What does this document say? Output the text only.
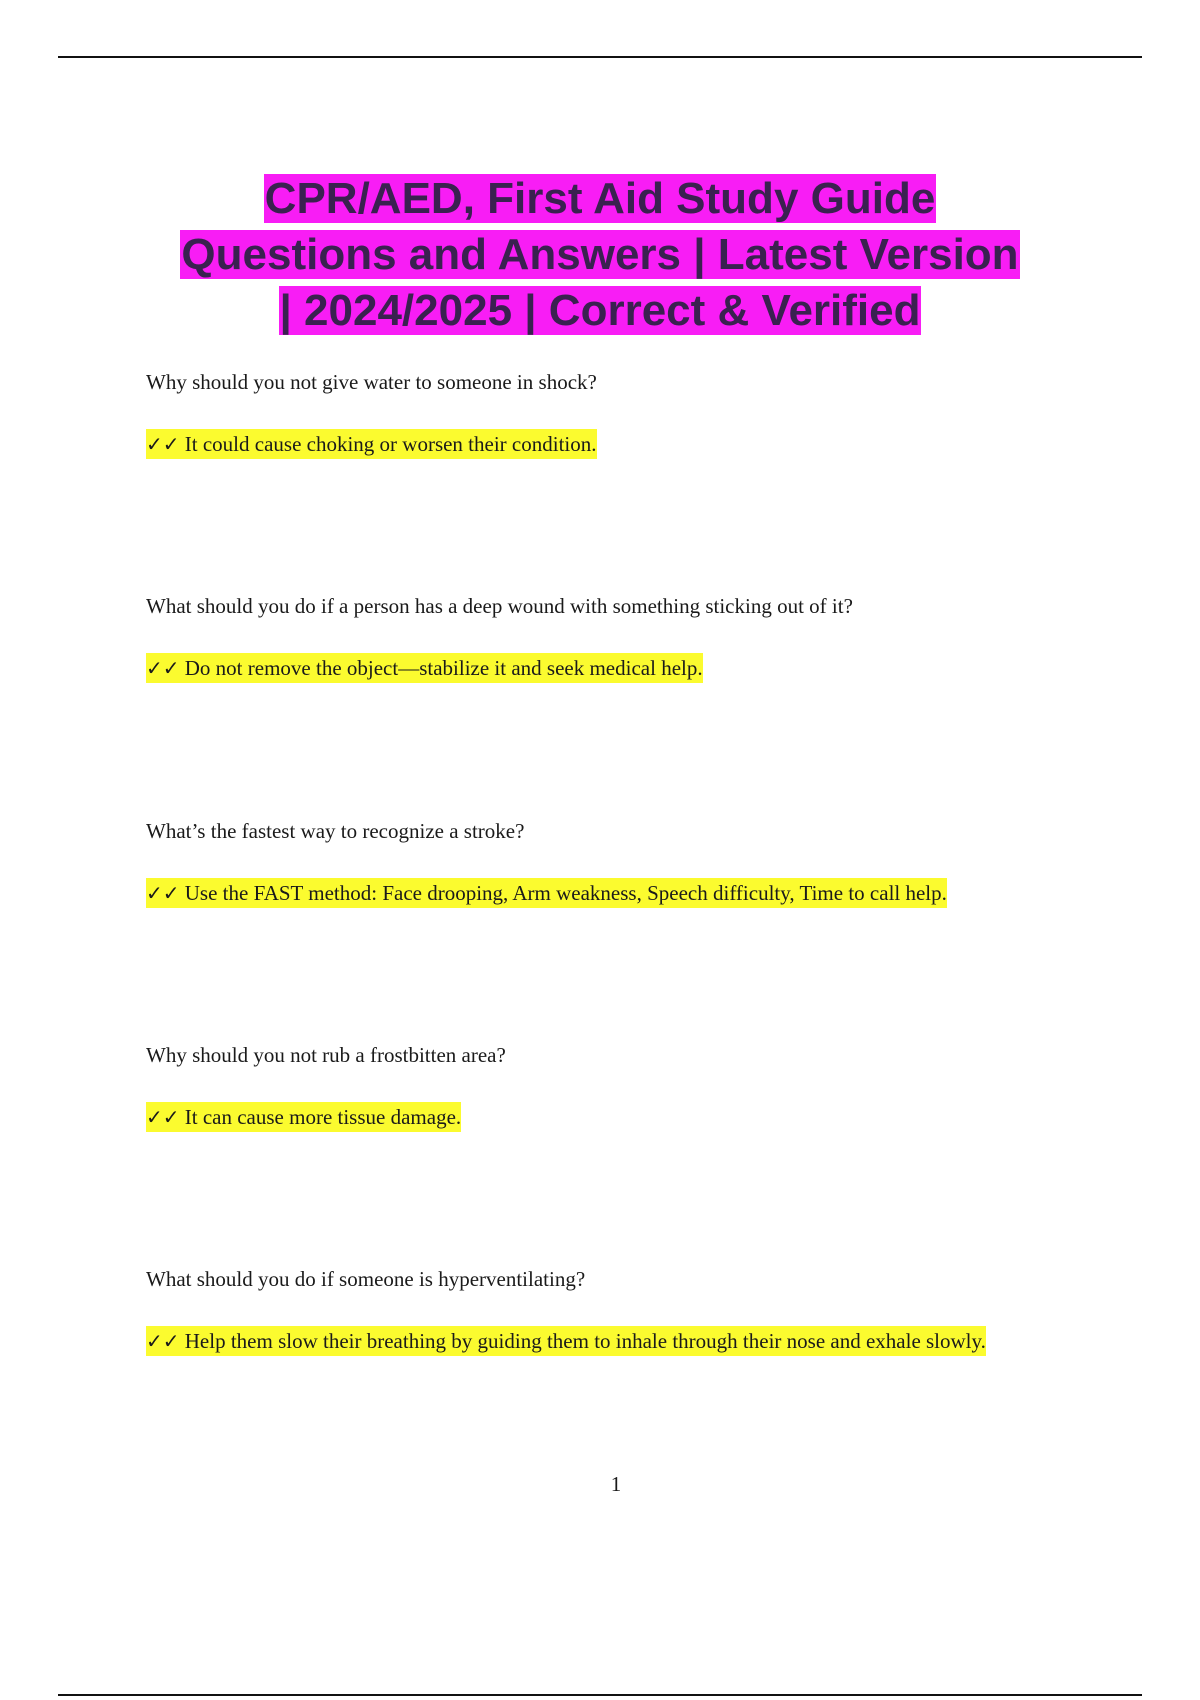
CPR/AED, First Aid Study Guide
Questions and Answers | Latest Version
| 2024/2025 | Correct & Verified

Why should you not give water to someone in shock?

✓✓ It could cause choking or worsen their condition.

What should you do if a person has a deep wound with something sticking out of it?

✓✓ Do not remove the object—stabilize it and seek medical help.

What’s the fastest way to recognize a stroke?

✓✓ Use the FAST method: Face drooping, Arm weakness, Speech difficulty, Time to call help.

Why should you not rub a frostbitten area?

✓✓ It can cause more tissue damage.

What should you do if someone is hyperventilating?

✓✓ Help them slow their breathing by guiding them to inhale through their nose and exhale slowly.

1
